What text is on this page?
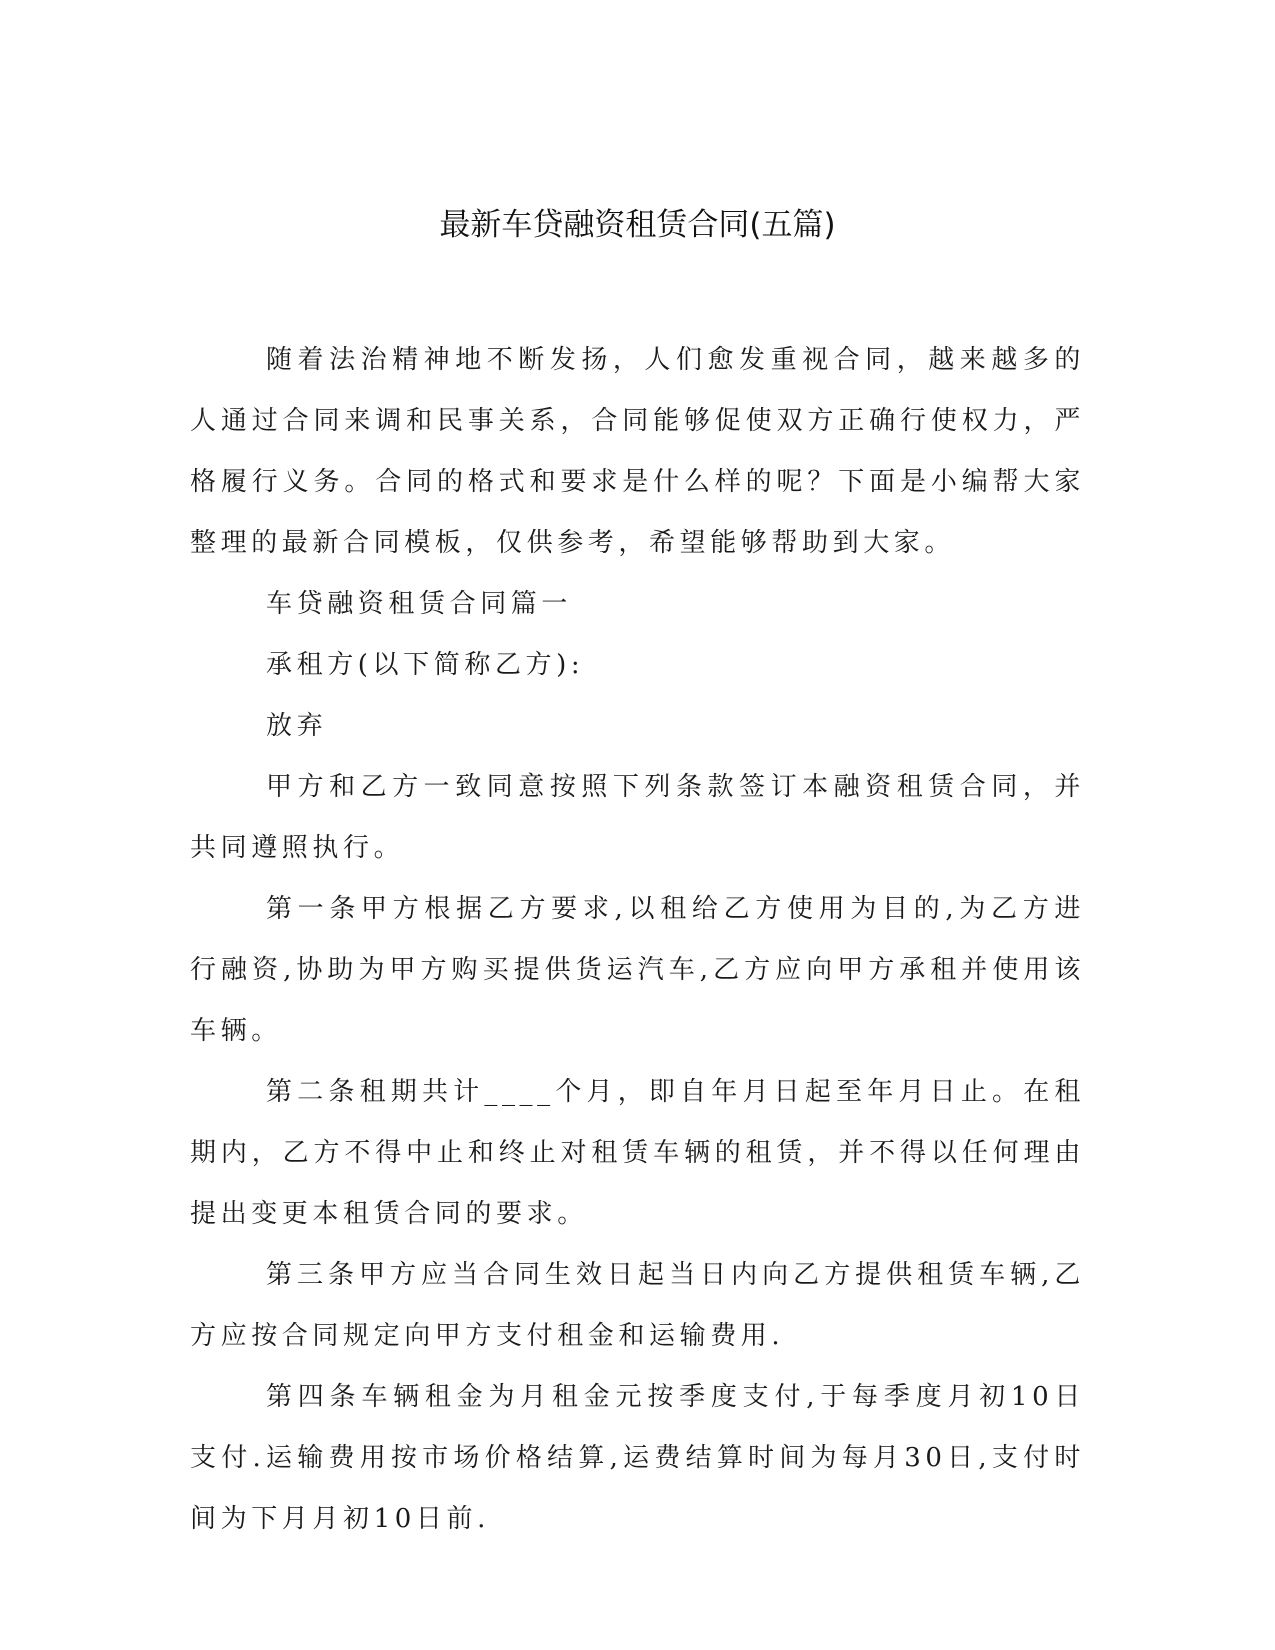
最新车贷融资租赁合同(五篇)

随着法治精神地不断发扬，人们愈发重视合同，越来越多的人通过合同来调和民事关系，合同能够促使双方正确行使权力，严格履行义务。合同的格式和要求是什么样的呢？下面是小编帮大家整理的最新合同模板，仅供参考，希望能够帮助到大家。

车贷融资租赁合同篇一

承租方(以下简称乙方):

放弃

甲方和乙方一致同意按照下列条款签订本融资租赁合同，并共同遵照执行。

第一条甲方根据乙方要求,以租给乙方使用为目的,为乙方进行融资,协助为甲方购买提供货运汽车,乙方应向甲方承租并使用该车辆。

第二条租期共计____个月，即自年月日起至年月日止。在租期内，乙方不得中止和终止对租赁车辆的租赁，并不得以任何理由提出变更本租赁合同的要求。

第三条甲方应当合同生效日起当日内向乙方提供租赁车辆,乙方应按合同规定向甲方支付租金和运输费用.

第四条车辆租金为月租金元按季度支付,于每季度月初10日支付.运输费用按市场价格结算,运费结算时间为每月30日,支付时间为下月月初10日前.
